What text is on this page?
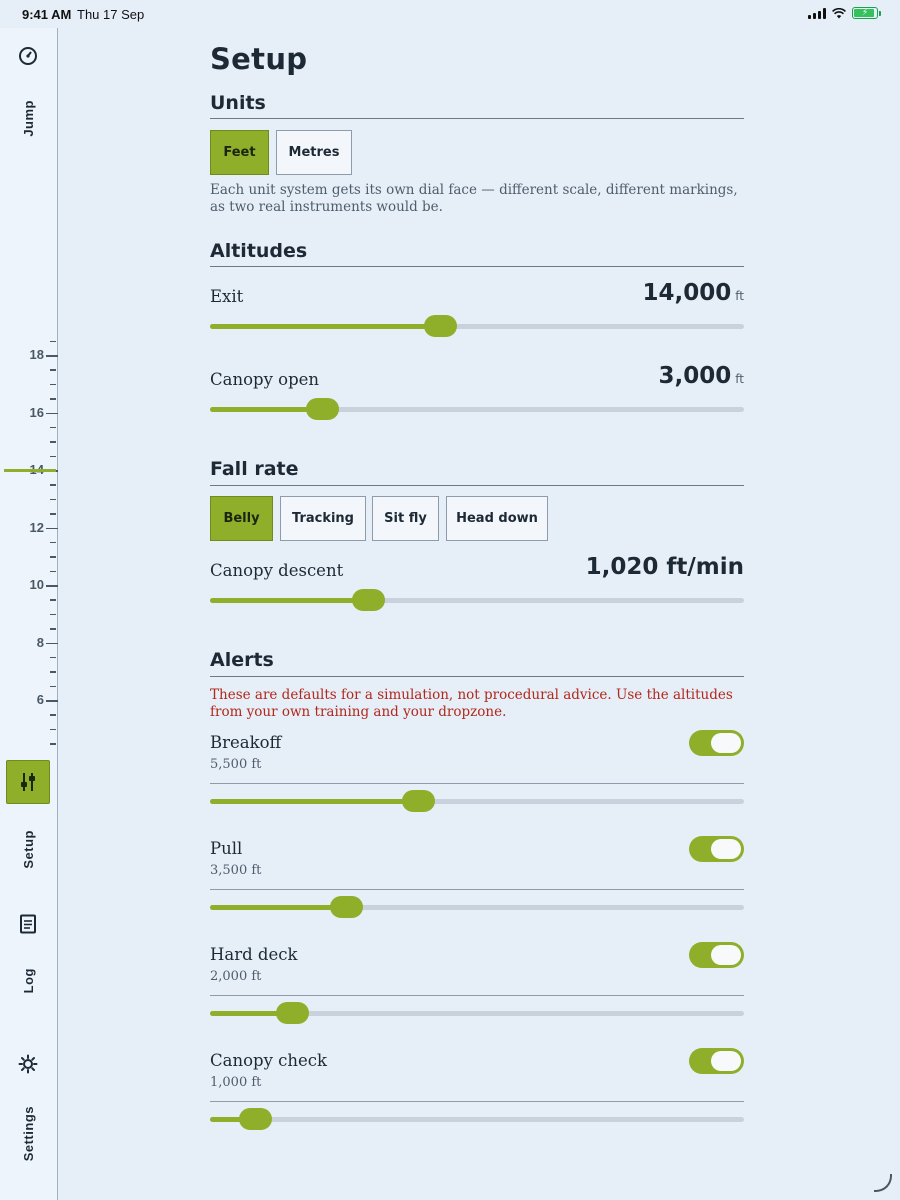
9:41 AM Thu 17 Sep	⚡
18
16
12
10
8
6
Jump
Setup
Log
Settings
Setup
Units
Feet	Metres
Each unit system gets its own dial face — different scale, different markings, as two real instruments would be.
Altitudes
Exit	14,000 ft
Canopy open	3,000 ft
Fall rate
Belly	Tracking	Sit fly	Head down
Canopy descent	1,020 ft/min
Alerts
These are defaults for a simulation, not procedural advice. Use the altitudes from your own training and your dropzone.
Breakoff
5,500 ft
Pull
3,500 ft
Hard deck
2,000 ft
Canopy check
1,000 ft
